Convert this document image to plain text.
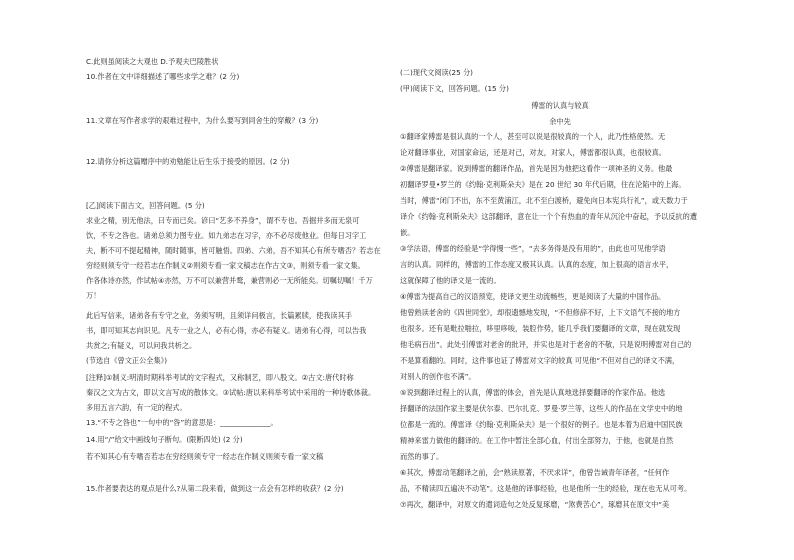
C.此则虽阅读之大观也 D.予观夫巴陵胜状
10.作者在文中详细描述了哪些求学之难？(2 分)
11.文章在写作者求学的艰难过程中，为什么要写到同舍生的穿戴？(3 分)
12.请你分析这篇赠序中的劝勉能让后生乐于接受的原因。(2 分)
[乙]阅读下面古文，回答问题。(5 分)
求业之精，别无他法，曰专而已矣。谚曰“艺多不养身”，谓不专也。吾掘井多而无泉可
饮，不专之咎也。诸弟总须力图专业。如九弟志在习字，亦不必尽废他业。但每日习字工
夫，断不可不提起精神，随时随事，皆可触悟。四弟、六弟，吾不知其心有所专嗜否？若志在
穷经则须专守一经若志在作制义②则须专看一家文稿志在作古文③，则须专看一家文集。
作各体诗亦然，作试帖④亦然，万不可以兼营并鹜，兼营则必一无所能矣。切嘱切嘱！千万
万！
此后写信来，诸弟各有专守之业，务须写明，且须详问极言，长篇累牍，使我读其手
书，即可知其志向识见。凡专一业之人，必有心得，亦必有疑义。诸弟有心得，可以告我
共赏之;有疑义，可以问我共析之。
(节选自《曾文正公全集》)
[注释]①制义:明清时期科举考试的文字程式，又称制艺，即八股文。②古文:唐代时称
秦汉之文为古文，即以文言写成的散体文。③试帖:唐以来科举考试中采用的一种诗歌体裁。
多用五言六韵，有一定的程式。
13.“不专之咎也”一句中的“咎”的意思是：______________。
14.用“/”给文中画线句子断句。(限断四处) (2 分)
若不知其心有专嗜否若志在穷经则须专守一经志在作制义则须专看一家文稿
15.作者要表达的观点是什么?从第二段来看，做到这一点会有怎样的收获？(2 分)
(二)现代文阅读(25 分)
(甲)阅读下文，回答问题。(15 分)
傅雷的认真与较真
余中先
①翻译家傅雷是很认真的一个人，甚至可以说是很较真的一个人，此乃性格使然。无
论对翻译事业，对国家命运，还是对己，对友，对家人，傅雷都很认真，也很较真。
②傅雷是翻译家。说到傅雷的翻译作品，首先是因为他把这看作一项神圣的义务。他最
初翻译罗曼•罗兰的《约翰·克利斯朵夫》是在 20 世纪 30 年代后期，住在沦陷中的上海。
当时，傅雷“闭门不出，东不至黄浦江，北不至白渡桥，避免向日本宪兵行礼”，或天数力于
译介《约翰·克利斯朵夫》这部翻译，意在让一个个有热血的青年从沉沦中奋起，予以反抗的遭
嵌。
③学法语，傅雷的经验是“学得慢一些”，“去多务得是没有用的”，由此也可见他学语
言的认真。同样的，傅雷的工作态度又极其认真。认真的态度，加上很高的语言水平，
这就保障了他的译文是一流的。
④傅雷为提高自己的汉语预览，使译文更生动流畅些，更是阅读了大量的中国作品。
他曾熟读老舍的《四世同堂》，却很遗憾地发现，“不但修辞不好，上下文语气不接的地方
也很多。还有是毗拉啪拉，哆里哆唆，装腔作势，能几乎我们要翻译的文章，现在就发现
他毛病百出”。此处引傅雷对老舍的批评，并实也是对于老舍的不敬，只是说明傅雷对自己的
不是算看翻的。同时，这件事也证了傅雷对文字的较真 可见他“不但对自己的译文不满，
对别人的创作也不满”。
⑤说到翻译过程上的认真，傅雷的体会，首先是认真地选择要翻译的作家作品。他选
择翻译的法国作家主要是伏尔泰、巴尔扎克、罗曼·罗兰等，这些人的作品在文学史中的地
位都是一流的。傅雷译《约翰·克利斯朵夫》是一个很好的例子。也是本着为启迪中国民族
精神来雷力做他的翻译的。在工作中暂注全部心血，付出全部努力，于他，也就是自然
而然的事了。
⑥其次，傅雷动笔翻译之前，会“熟读原著，不厌求详”，他曾告诫青年译者，“任何作
品，不精读四五遍决不动笔”。这是他的译事经验，也是他所一生的经验，现在也无从可考。
⑦再次，翻译中，对原文的遣词造句之处反复琢磨，“煞费苦心”，琢磨其在原文中“美
